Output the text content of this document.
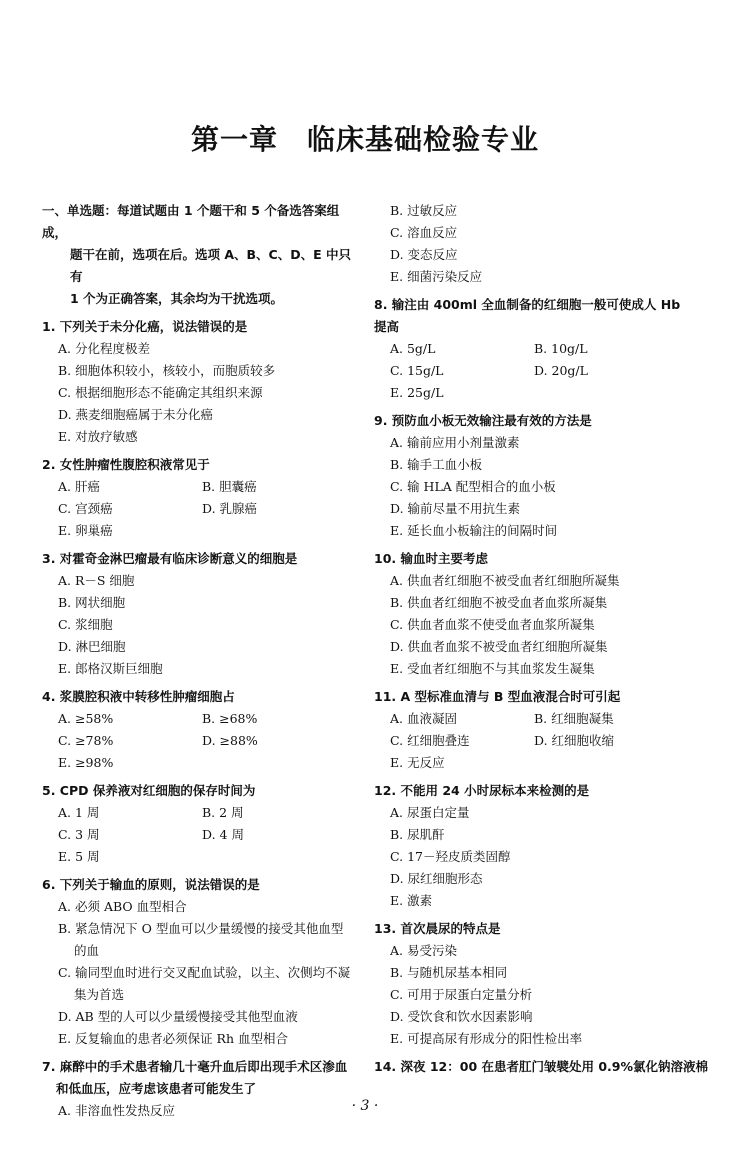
第一章　临床基础检验专业
一、单选题：每道试题由 1 个题干和 5 个备选答案组成，
题干在前，选项在后。选项 A、B、C、D、E 中只有
1 个为正确答案，其余均为干扰选项。
1. 下列关于未分化癌，说法错误的是
A. 分化程度极差
B. 细胞体积较小，核较小，而胞质较多
C. 根据细胞形态不能确定其组织来源
D. 燕麦细胞癌属于未分化癌
E. 对放疗敏感
2. 女性肿瘤性腹腔积液常见于
A. 肝癌	B. 胆囊癌
C. 宫颈癌	D. 乳腺癌
E. 卵巢癌
3. 对霍奇金淋巴瘤最有临床诊断意义的细胞是
A. R－S 细胞
B. 网状细胞
C. 浆细胞
D. 淋巴细胞
E. 郎格汉斯巨细胞
4. 浆膜腔积液中转移性肿瘤细胞占
A. ≥58%	B. ≥68%
C. ≥78%	D. ≥88%
E. ≥98%
5. CPD 保养液对红细胞的保存时间为
A. 1 周	B. 2 周
C. 3 周	D. 4 周
E. 5 周
6. 下列关于输血的原则，说法错误的是
A. 必须 ABO 血型相合
B. 紧急情况下 O 型血可以少量缓慢的接受其他血型
的血
C. 输同型血时进行交叉配血试验，以主、次侧均不凝
集为首选
D. AB 型的人可以少量缓慢接受其他型血液
E. 反复输血的患者必须保证 Rh 血型相合
7. 麻醉中的手术患者输几十毫升血后即出现手术区渗血
和低血压，应考虑该患者可能发生了
A. 非溶血性发热反应
B. 过敏反应
C. 溶血反应
D. 变态反应
E. 细菌污染反应
8. 输注由 400ml 全血制备的红细胞一般可使成人 Hb
提高
A. 5g/L	B. 10g/L
C. 15g/L	D. 20g/L
E. 25g/L
9. 预防血小板无效输注最有效的方法是
A. 输前应用小剂量激素
B. 输手工血小板
C. 输 HLA 配型相合的血小板
D. 输前尽量不用抗生素
E. 延长血小板输注的间隔时间
10. 输血时主要考虑
A. 供血者红细胞不被受血者红细胞所凝集
B. 供血者红细胞不被受血者血浆所凝集
C. 供血者血浆不使受血者血浆所凝集
D. 供血者血浆不被受血者红细胞所凝集
E. 受血者红细胞不与其血浆发生凝集
11. A 型标准血清与 B 型血液混合时可引起
A. 血液凝固	B. 红细胞凝集
C. 红细胞叠连	D. 红细胞收缩
E. 无反应
12. 不能用 24 小时尿标本来检测的是
A. 尿蛋白定量
B. 尿肌酐
C. 17－羟皮质类固醇
D. 尿红细胞形态
E. 激素
13. 首次晨尿的特点是
A. 易受污染
B. 与随机尿基本相同
C. 可用于尿蛋白定量分析
D. 受饮食和饮水因素影响
E. 可提高尿有形成分的阳性检出率
14. 深夜 12：00 在患者肛门皱襞处用 0.9%氯化钠溶液棉
· 3 ·
